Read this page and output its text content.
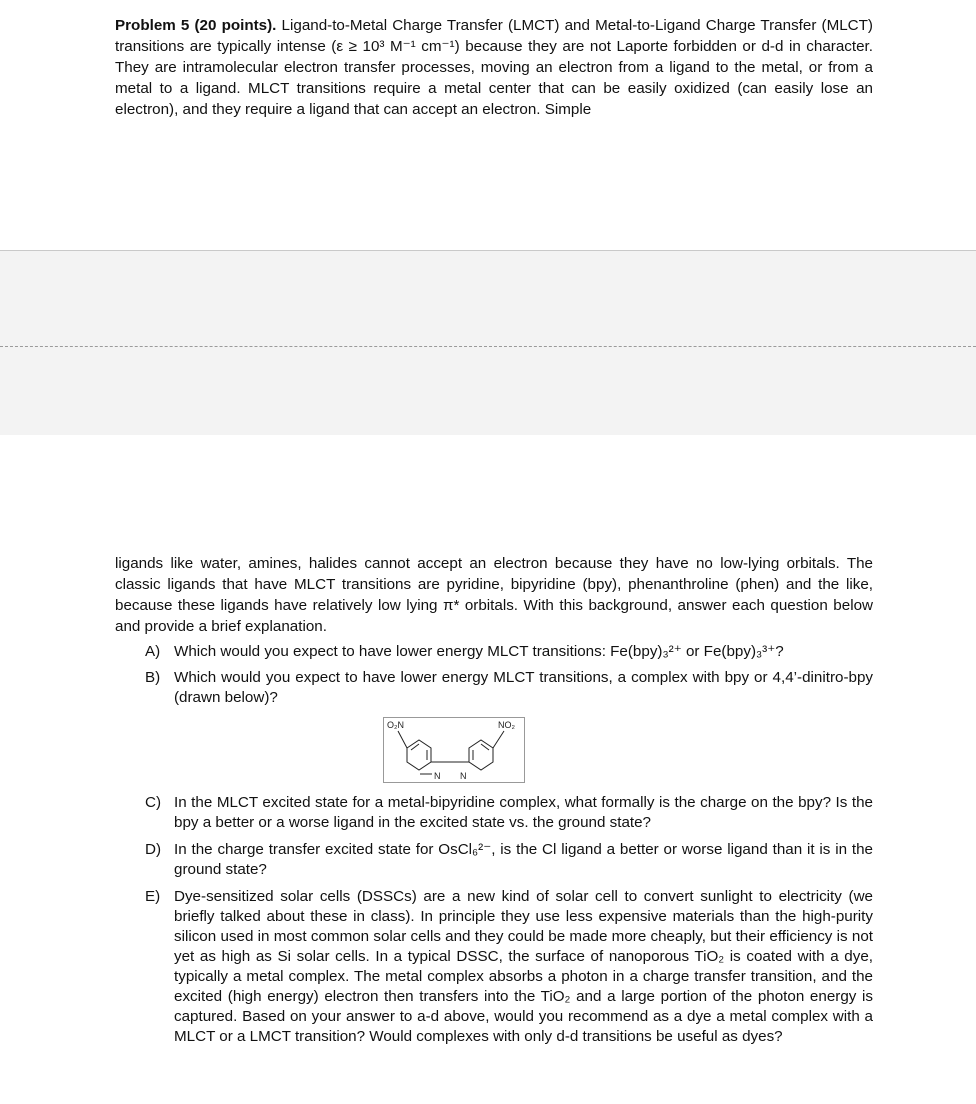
Problem 5 (20 points). Ligand-to-Metal Charge Transfer (LMCT) and Metal-to-Ligand Charge Transfer (MLCT) transitions are typically intense (ε ≥ 10³ M⁻¹ cm⁻¹) because they are not Laporte forbidden or d-d in character. They are intramolecular electron transfer processes, moving an electron from a ligand to the metal, or from a metal to a ligand. MLCT transitions require a metal center that can be easily oxidized (can easily lose an electron), and they require a ligand that can accept an electron. Simple

ligands like water, amines, halides cannot accept an electron because they have no low-lying orbitals. The classic ligands that have MLCT transitions are pyridine, bipyridine (bpy), phenanthroline (phen) and the like, because these ligands have relatively low lying π* orbitals. With this background, answer each question below and provide a brief explanation.

A) Which would you expect to have lower energy MLCT transitions: Fe(bpy)₃²⁺ or Fe(bpy)₃³⁺?
B) Which would you expect to have lower energy MLCT transitions, a complex with bpy or 4,4’-dinitro-bpy (drawn below)?
O₂N	NO₂
N N
C) In the MLCT excited state for a metal-bipyridine complex, what formally is the charge on the bpy? Is the bpy a better or a worse ligand in the excited state vs. the ground state?
D) In the charge transfer excited state for OsCl₆²⁻, is the Cl ligand a better or worse ligand than it is in the ground state?
E) Dye-sensitized solar cells (DSSCs) are a new kind of solar cell to convert sunlight to electricity (we briefly talked about these in class). In principle they use less expensive materials than the high-purity silicon used in most common solar cells and they could be made more cheaply, but their efficiency is not yet as high as Si solar cells. In a typical DSSC, the surface of nanoporous TiO₂ is coated with a dye, typically a metal complex. The metal complex absorbs a photon in a charge transfer transition, and the excited (high energy) electron then transfers into the TiO₂ and a large portion of the photon energy is captured. Based on your answer to a-d above, would you recommend as a dye a metal complex with a MLCT or a LMCT transition? Would complexes with only d-d transitions be useful as dyes?
